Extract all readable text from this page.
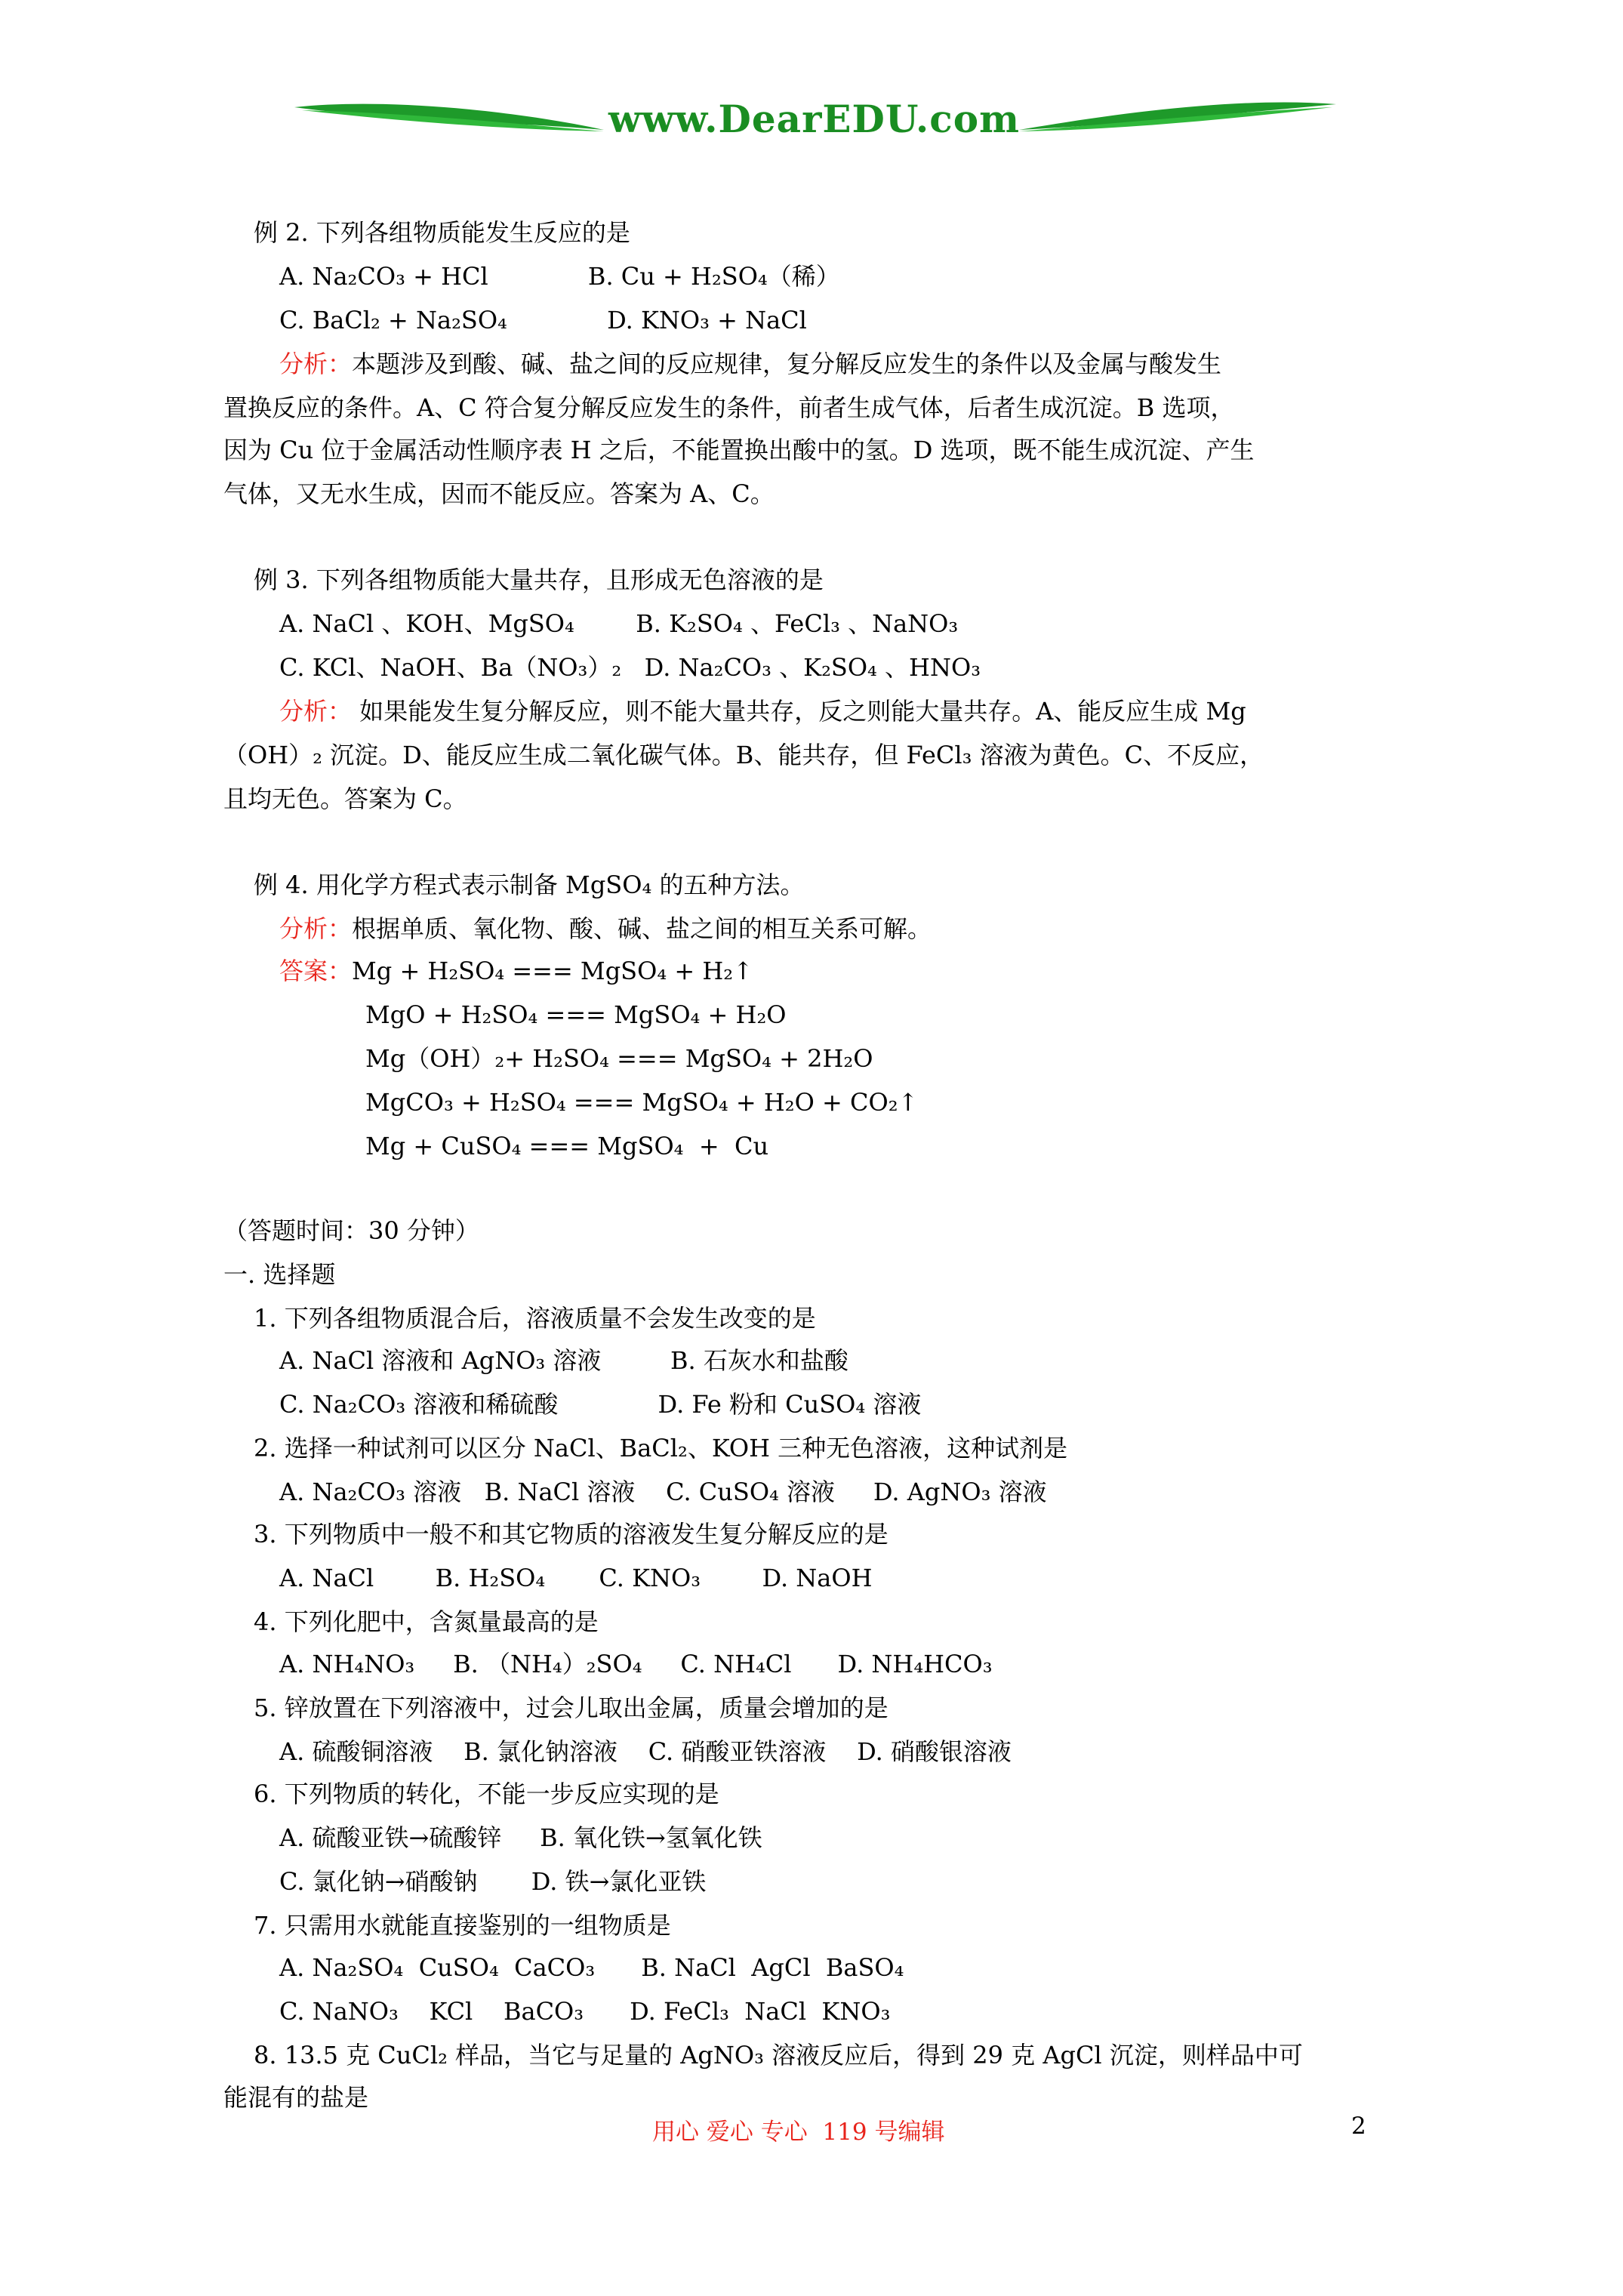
www.DearEDU.com
例 2. 下列各组物质能发生反应的是
A. Na₂CO₃ + HCl             B. Cu + H₂SO₄（稀）
C. BaCl₂ + Na₂SO₄             D. KNO₃ + NaCl
分析：本题涉及到酸、碱、盐之间的反应规律，复分解反应发生的条件以及金属与酸发生
置换反应的条件。A、C 符合复分解反应发生的条件，前者生成气体，后者生成沉淀。B 选项，
因为 Cu 位于金属活动性顺序表 H 之后，不能置换出酸中的氢。D 选项，既不能生成沉淀、产生
气体，又无水生成，因而不能反应。答案为 A、C。
例 3. 下列各组物质能大量共存，且形成无色溶液的是
A. NaCl 、KOH、MgSO₄        B. K₂SO₄ 、FeCl₃ 、NaNO₃
C. KCl、NaOH、Ba（NO₃）₂   D. Na₂CO₃ 、K₂SO₄ 、HNO₃
分析： 如果能发生复分解反应，则不能大量共存，反之则能大量共存。A、能反应生成 Mg
（OH）₂ 沉淀。D、能反应生成二氧化碳气体。B、能共存，但 FeCl₃ 溶液为黄色。C、不反应，
且均无色。答案为 C。
例 4. 用化学方程式表示制备 MgSO₄ 的五种方法。
分析：根据单质、氧化物、酸、碱、盐之间的相互关系可解。
答案：Mg + H₂SO₄ === MgSO₄ + H₂↑
MgO + H₂SO₄ === MgSO₄ + H₂O
Mg（OH）₂+ H₂SO₄ === MgSO₄ + 2H₂O
MgCO₃ + H₂SO₄ === MgSO₄ + H₂O + CO₂↑
Mg + CuSO₄ === MgSO₄  +  Cu
（答题时间：30 分钟）
一. 选择题
1. 下列各组物质混合后，溶液质量不会发生改变的是
A. NaCl 溶液和 AgNO₃ 溶液         B. 石灰水和盐酸
C. Na₂CO₃ 溶液和稀硫酸             D. Fe 粉和 CuSO₄ 溶液
2. 选择一种试剂可以区分 NaCl、BaCl₂、KOH 三种无色溶液，这种试剂是
A. Na₂CO₃ 溶液   B. NaCl 溶液    C. CuSO₄ 溶液     D. AgNO₃ 溶液
3. 下列物质中一般不和其它物质的溶液发生复分解反应的是
A. NaCl        B. H₂SO₄       C. KNO₃        D. NaOH
4. 下列化肥中，含氮量最高的是
A. NH₄NO₃     B. （NH₄）₂SO₄     C. NH₄Cl      D. NH₄HCO₃
5. 锌放置在下列溶液中，过会儿取出金属，质量会增加的是
A. 硫酸铜溶液    B. 氯化钠溶液    C. 硝酸亚铁溶液    D. 硝酸银溶液
6. 下列物质的转化，不能一步反应实现的是
A. 硫酸亚铁→硫酸锌     B. 氧化铁→氢氧化铁
C. 氯化钠→硝酸钠       D. 铁→氯化亚铁
7. 只需用水就能直接鉴别的一组物质是
A. Na₂SO₄  CuSO₄  CaCO₃      B. NaCl  AgCl  BaSO₄
C. NaNO₃    KCl    BaCO₃      D. FeCl₃  NaCl  KNO₃
8. 13.5 克 CuCl₂ 样品，当它与足量的 AgNO₃ 溶液反应后，得到 29 克 AgCl 沉淀，则样品中可
能混有的盐是
用心 爱心 专心  119 号编辑	2
